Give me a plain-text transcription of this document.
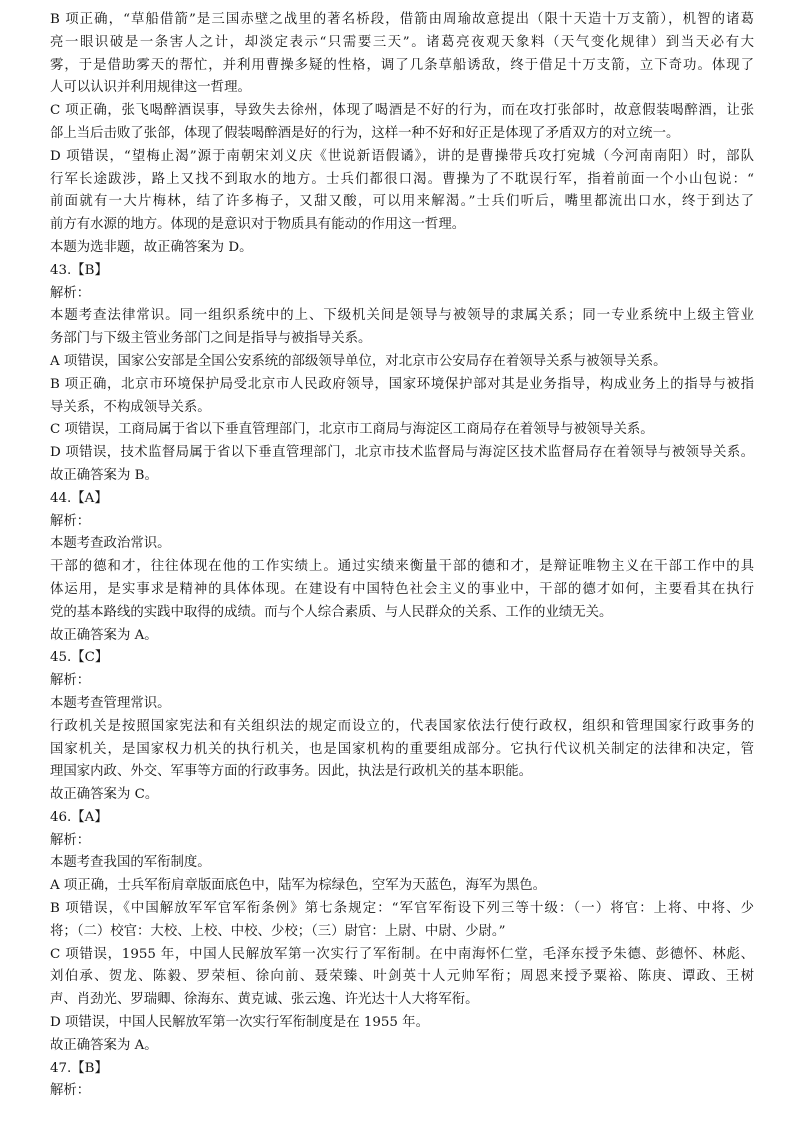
B 项正确，“草船借箭”是三国赤壁之战里的著名桥段，借箭由周瑜故意提出（限十天造十万支箭），机智的诸葛
亮一眼识破是一条害人之计，却淡定表示“只需要三天”。诸葛亮夜观天象料（天气变化规律）到当天必有大
雾，于是借助雾天的帮忙，并利用曹操多疑的性格，调了几条草船诱敌，终于借足十万支箭，立下奇功。体现了
人可以认识并利用规律这一哲理。
C 项正确，张飞喝醉酒误事，导致失去徐州，体现了喝酒是不好的行为，而在攻打张郃时，故意假装喝醉酒，让张
郃上当后击败了张郃，体现了假装喝醉酒是好的行为，这样一种不好和好正是体现了矛盾双方的对立统一。
D 项错误，“望梅止渴”源于南朝宋刘义庆《世说新语假谲》，讲的是曹操带兵攻打宛城（今河南南阳）时，部队
行军长途跋涉，路上又找不到取水的地方。士兵们都很口渴。曹操为了不耽误行军，指着前面一个小山包说：“
前面就有一大片梅林，结了许多梅子，又甜又酸，可以用来解渴。”士兵们听后，嘴里都流出口水，终于到达了
前方有水源的地方。体现的是意识对于物质具有能动的作用这一哲理。
本题为选非题，故正确答案为 D。
43.【B】
解析：
本题考查法律常识。同一组织系统中的上、下级机关间是领导与被领导的隶属关系；同一专业系统中上级主管业
务部门与下级主管业务部门之间是指导与被指导关系。
A 项错误，国家公安部是全国公安系统的部级领导单位，对北京市公安局存在着领导关系与被领导关系。
B 项正确，北京市环境保护局受北京市人民政府领导，国家环境保护部对其是业务指导，构成业务上的指导与被指
导关系，不构成领导关系。
C 项错误，工商局属于省以下垂直管理部门，北京市工商局与海淀区工商局存在着领导与被领导关系。
D 项错误，技术监督局属于省以下垂直管理部门，北京市技术监督局与海淀区技术监督局存在着领导与被领导关系。
故正确答案为 B。
44.【A】
解析：
本题考查政治常识。
干部的德和才，往往体现在他的工作实绩上。通过实绩来衡量干部的德和才，是辩证唯物主义在干部工作中的具
体运用，是实事求是精神的具体体现。在建设有中国特色社会主义的事业中，干部的德才如何，主要看其在执行
党的基本路线的实践中取得的成绩。而与个人综合素质、与人民群众的关系、工作的业绩无关。
故正确答案为 A。
45.【C】
解析：
本题考查管理常识。
行政机关是按照国家宪法和有关组织法的规定而设立的，代表国家依法行使行政权，组织和管理国家行政事务的
国家机关，是国家权力机关的执行机关，也是国家机构的重要组成部分。它执行代议机关制定的法律和决定，管
理国家内政、外交、军事等方面的行政事务。因此，执法是行政机关的基本职能。
故正确答案为 C。
46.【A】
解析：
本题考查我国的军衔制度。
A 项正确，士兵军衔肩章版面底色中，陆军为棕绿色，空军为天蓝色，海军为黑色。
B 项错误，《中国解放军军官军衔条例》第七条规定：“军官军衔设下列三等十级：（一）将官：上将、中将、少
将；（二）校官：大校、上校、中校、少校；（三）尉官：上尉、中尉、少尉。”
C 项错误，1955 年，中国人民解放军第一次实行了军衔制。在中南海怀仁堂，毛泽东授予朱德、彭德怀、林彪、
刘伯承、贺龙、陈毅、罗荣桓、徐向前、聂荣臻、叶剑英十人元帅军衔；周恩来授予粟裕、陈庚、谭政、王树
声、肖劲光、罗瑞卿、徐海东、黄克诚、张云逸、许光达十人大将军衔。
D 项错误，中国人民解放军第一次实行军衔制度是在 1955 年。
故正确答案为 A。
47.【B】
解析：
